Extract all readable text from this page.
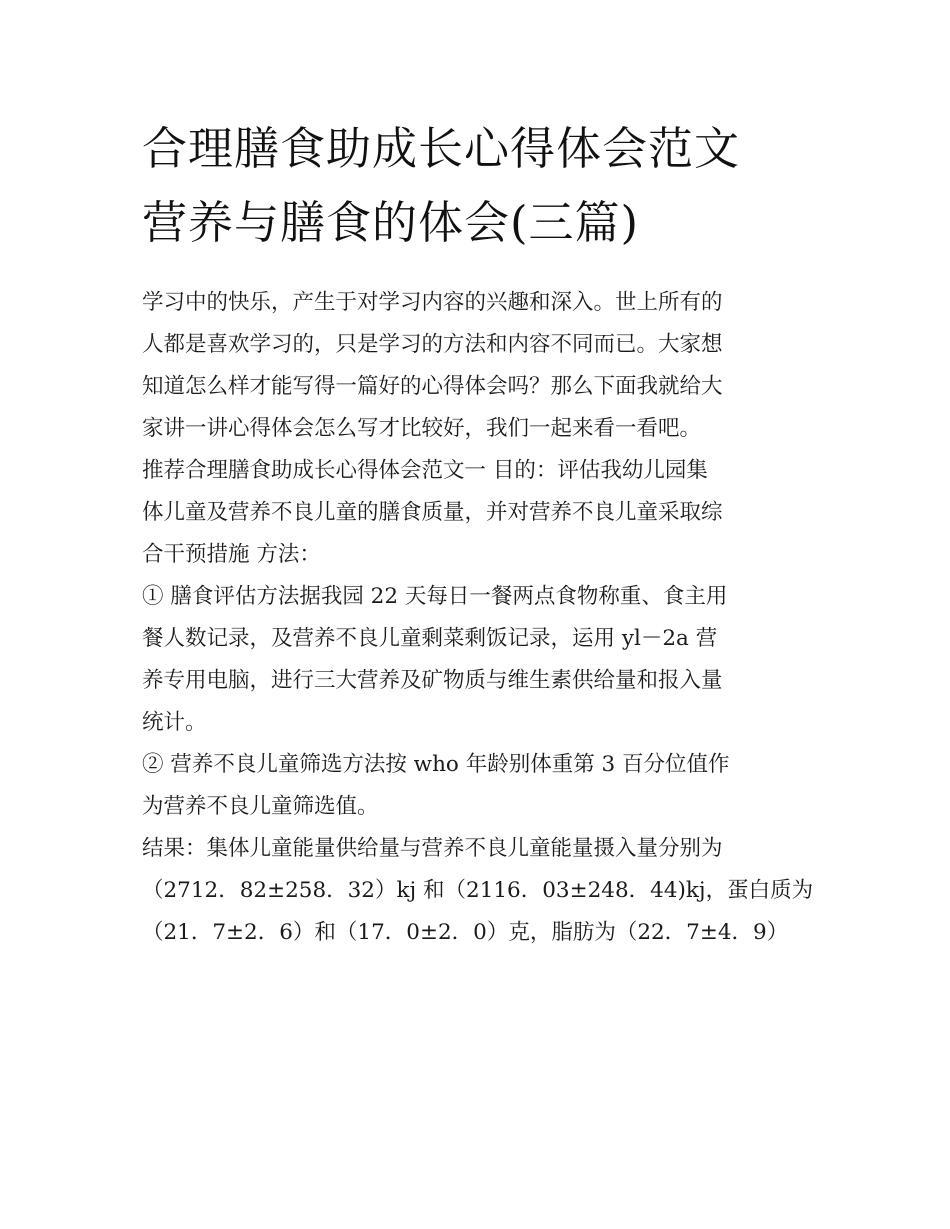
合理膳食助成长心得体会范文
营养与膳食的体会(三篇)
学习中的快乐，产生于对学习内容的兴趣和深入。世上所有的
人都是喜欢学习的，只是学习的方法和内容不同而已。大家想
知道怎么样才能写得一篇好的心得体会吗？那么下面我就给大
家讲一讲心得体会怎么写才比较好，我们一起来看一看吧。
推荐合理膳食助成长心得体会范文一 目的：评估我幼儿园集
体儿童及营养不良儿童的膳食质量，并对营养不良儿童采取综
合干预措施 方法：
① 膳食评估方法据我园 22 天每日一餐两点食物称重、食主用
餐人数记录，及营养不良儿童剩菜剩饭记录，运用 yl－2a 营
养专用电脑，进行三大营养及矿物质与维生素供给量和报入量
统计。
② 营养不良儿童筛选方法按 who 年龄别体重第 3 百分位值作
为营养不良儿童筛选值。
结果：集体儿童能量供给量与营养不良儿童能量摄入量分别为
（2712．82±258．32）kj 和（2116．03±248．44)kj，蛋白质为
（21．7±2．6）和（17．0±2．0）克，脂肪为（22．7±4．9）
